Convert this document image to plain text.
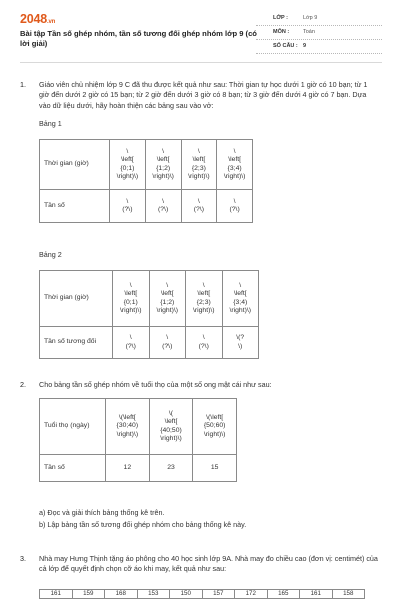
2048.vn
Bài tập Tần số ghép nhóm, tần số tương đối ghép nhóm lớp 9 (có lời giải)
LỚP :	Lớp 9
MÔN :	Toán
SỐ CÂU : 9
1. Giáo viên chủ nhiệm lớp 9 C đã thu được kết quả như sau: Thời gian tự học dưới 1 giờ có 10 bạn; từ 1 giờ đến dưới 2 giờ có 15 bạn; từ 2 giờ đến dưới 3 giờ có 8 bạn; từ 3 giờ đến dưới 4 giờ có 7 bạn. Dựa vào dữ liệu dưới, hãy hoàn thiện các bảng sau vào vở:
Bảng 1
Thời gian (giờ)	\
\left[
{0;1)
\right)\)	\
\left[
{1;2)
\right)\)	\
\left[
{2;3)
\right)\)	\
\left[
{3;4)
\right)\)
Tần số	\
(?\)	\
(?\)	\
(?\)	\
(?\)
Bảng 2
Thời gian (giờ)	\
\left[
{0;1)
\right)\)	\
\left[
{1;2)
\right)\)	\
\left[
{2;3)
\right)\)	\
\left[
{3;4)
\right)\)
Tần số tương đối	\
(?\)	\
(?\)	\
(?\)	\(?
\)
2. Cho bảng tần số ghép nhóm về tuổi thọ của một số ong mật cái như sau:
Tuổi thọ (ngày)	\(\left[
{30;40)
\right)\)	\(
\left[
{40;50)
\right)\)	\(\left[
{50;60)
\right)\)
Tần số	12	23	15
a) Đọc và giải thích bảng thống kê trên.
b) Lập bảng tần số tương đối ghép nhóm cho bảng thống kê này.
3. Nhà may Hưng Thịnh tặng áo phông cho 40 học sinh lớp 9A. Nhà may đo chiều cao (đơn vị: centimét) của cả lớp để quyết định chọn cỡ áo khi may, kết quả như sau:
161	159	168	153	150	157	172	165	161	158
